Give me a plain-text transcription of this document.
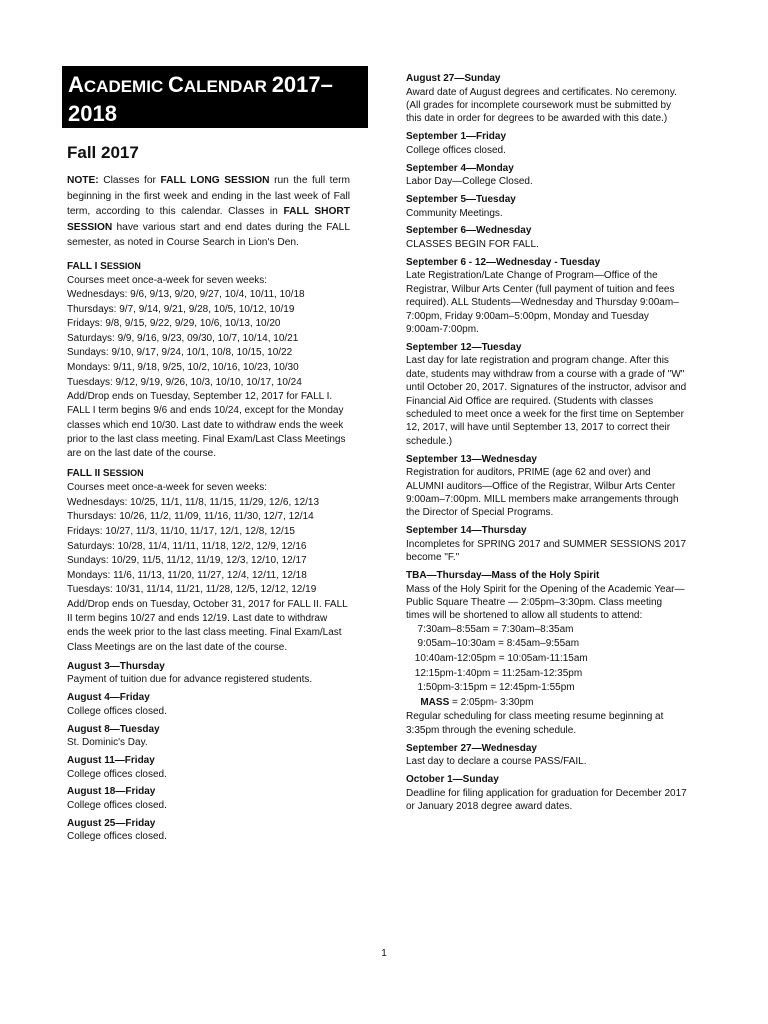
ACADEMIC CALENDAR 2017–
2018
Fall 2017
NOTE: Classes for FALL LONG SESSION run the full term beginning in the first week and ending in the last week of Fall term, according to this calendar. Classes in FALL SHORT SESSION have various start and end dates during the FALL semester, as noted in Course Search in Lion's Den.
FALL I SESSION
Courses meet once-a-week for seven weeks:
Wednesdays: 9/6, 9/13, 9/20, 9/27, 10/4, 10/11, 10/18
Thursdays: 9/7, 9/14, 9/21, 9/28, 10/5, 10/12, 10/19
Fridays: 9/8, 9/15, 9/22, 9/29, 10/6, 10/13, 10/20
Saturdays: 9/9, 9/16, 9/23, 09/30, 10/7, 10/14, 10/21
Sundays: 9/10, 9/17, 9/24, 10/1, 10/8, 10/15, 10/22
Mondays: 9/11, 9/18, 9/25, 10/2, 10/16, 10/23, 10/30
Tuesdays: 9/12, 9/19, 9/26, 10/3, 10/10, 10/17, 10/24
Add/Drop ends on Tuesday, September 12, 2017 for FALL I. FALL I term begins 9/6 and ends 10/24, except for the Monday classes which end 10/30. Last date to withdraw ends the week prior to the last class meeting. Final Exam/Last Class Meetings are on the last date of the course.
FALL II SESSION
Courses meet once-a-week for seven weeks:
Wednesdays: 10/25, 11/1, 11/8, 11/15, 11/29, 12/6, 12/13
Thursdays: 10/26, 11/2, 11/09, 11/16, 11/30, 12/7, 12/14
Fridays: 10/27, 11/3, 11/10, 11/17, 12/1, 12/8, 12/15
Saturdays: 10/28, 11/4, 11/11, 11/18, 12/2, 12/9, 12/16
Sundays: 10/29, 11/5, 11/12, 11/19, 12/3, 12/10, 12/17
Mondays: 11/6, 11/13, 11/20, 11/27, 12/4, 12/11, 12/18
Tuesdays: 10/31, 11/14, 11/21, 11/28, 12/5, 12/12, 12/19
Add/Drop ends on Tuesday, October 31, 2017 for FALL II. FALL II term begins 10/27 and ends 12/19. Last date to withdraw ends the week prior to the last class meeting. Final Exam/Last Class Meetings are on the last date of the course.
August 3—Thursday
Payment of tuition due for advance registered students.
August 4—Friday
College offices closed.
August 8—Tuesday
St. Dominic's Day.
August 11—Friday
College offices closed.
August 18—Friday
College offices closed.
August 25—Friday
College offices closed.
August 27—Sunday
Award date of August degrees and certificates. No ceremony. (All grades for incomplete coursework must be submitted by this date in order for degrees to be awarded with this date.)
September 1—Friday
College offices closed.
September 4—Monday
Labor Day—College Closed.
September 5—Tuesday
Community Meetings.
September 6—Wednesday
CLASSES BEGIN FOR FALL.
September 6 - 12—Wednesday - Tuesday
Late Registration/Late Change of Program—Office of the Registrar, Wilbur Arts Center (full payment of tuition and fees required). ALL Students—Wednesday and Thursday 9:00am–7:00pm, Friday 9:00am–5:00pm, Monday and Tuesday 9:00am-7:00pm.
September 12—Tuesday
Last day for late registration and program change. After this date, students may withdraw from a course with a grade of "W" until October 20, 2017. Signatures of the instructor, advisor and Financial Aid Office are required. (Students with classes scheduled to meet once a week for the first time on September 12, 2017, will have until September 13, 2017 to correct their schedule.)
September 13—Wednesday
Registration for auditors, PRIME (age 62 and over) and ALUMNI auditors—Office of the Registrar, Wilbur Arts Center 9:00am–7:00pm. MILL members make arrangements through the Director of Special Programs.
September 14—Thursday
Incompletes for SPRING 2017 and SUMMER SESSIONS 2017 become "F."
TBA—Thursday—Mass of the Holy Spirit
Mass of the Holy Spirit for the Opening of the Academic Year— Public Square Theatre — 2:05pm–3:30pm. Class meeting times will be shortened to allow all students to attend:
7:30am–8:55am = 7:30am–8:35am
9:05am–10:30am = 8:45am–9:55am
10:40am-12:05pm = 10:05am-11:15am
12:15pm-1:40pm = 11:25am-12:35pm
1:50pm-3:15pm = 12:45pm-1:55pm
MASS = 2:05pm- 3:30pm
Regular scheduling for class meeting resume beginning at 3:35pm through the evening schedule.
September 27—Wednesday
Last day to declare a course PASS/FAIL.
October 1—Sunday
Deadline for filing application for graduation for December 2017 or January 2018 degree award dates.
1
